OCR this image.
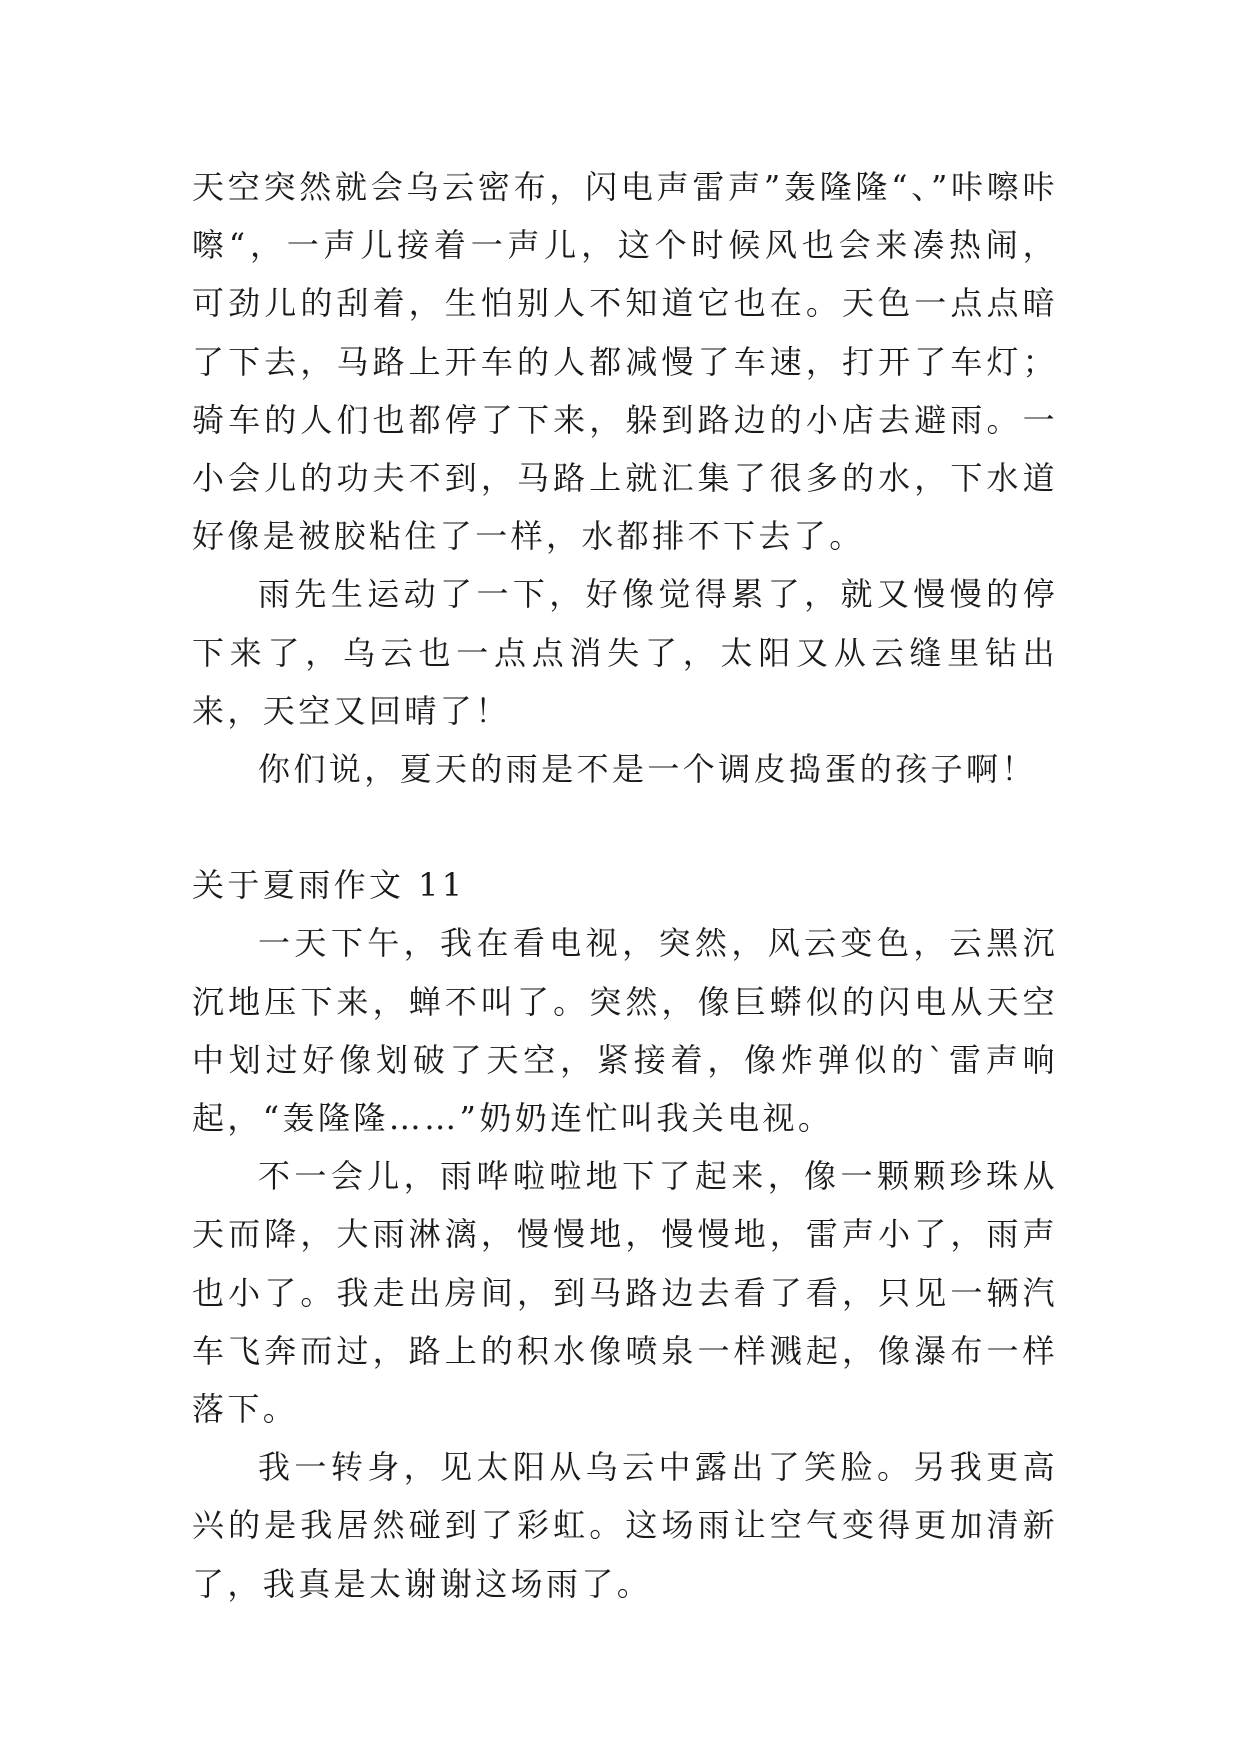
天空突然就会乌云密布，闪电声雷声”轰隆隆“、”咔嚓咔嚓“，一声儿接着一声儿，这个时候风也会来凑热闹，可劲儿的刮着，生怕别人不知道它也在。天色一点点暗了下去，马路上开车的人都减慢了车速，打开了车灯；骑车的人们也都停了下来，躲到路边的小店去避雨。一小会儿的功夫不到，马路上就汇集了很多的水，下水道好像是被胶粘住了一样，水都排不下去了。

雨先生运动了一下，好像觉得累了，就又慢慢的停下来了，乌云也一点点消失了，太阳又从云缝里钻出来，天空又回晴了！

你们说，夏天的雨是不是一个调皮捣蛋的孩子啊！

关于夏雨作文 11

一天下午，我在看电视，突然，风云变色，云黑沉沉地压下来，蝉不叫了。突然，像巨蟒似的闪电从天空中划过好像划破了天空，紧接着，像炸弹似的`雷声响起，“轰隆隆……”奶奶连忙叫我关电视。

不一会儿，雨哗啦啦地下了起来，像一颗颗珍珠从天而降，大雨淋漓，慢慢地，慢慢地，雷声小了，雨声也小了。我走出房间，到马路边去看了看，只见一辆汽车飞奔而过，路上的积水像喷泉一样溅起，像瀑布一样落下。

我一转身，见太阳从乌云中露出了笑脸。另我更高兴的是我居然碰到了彩虹。这场雨让空气变得更加清新了，我真是太谢谢这场雨了。
